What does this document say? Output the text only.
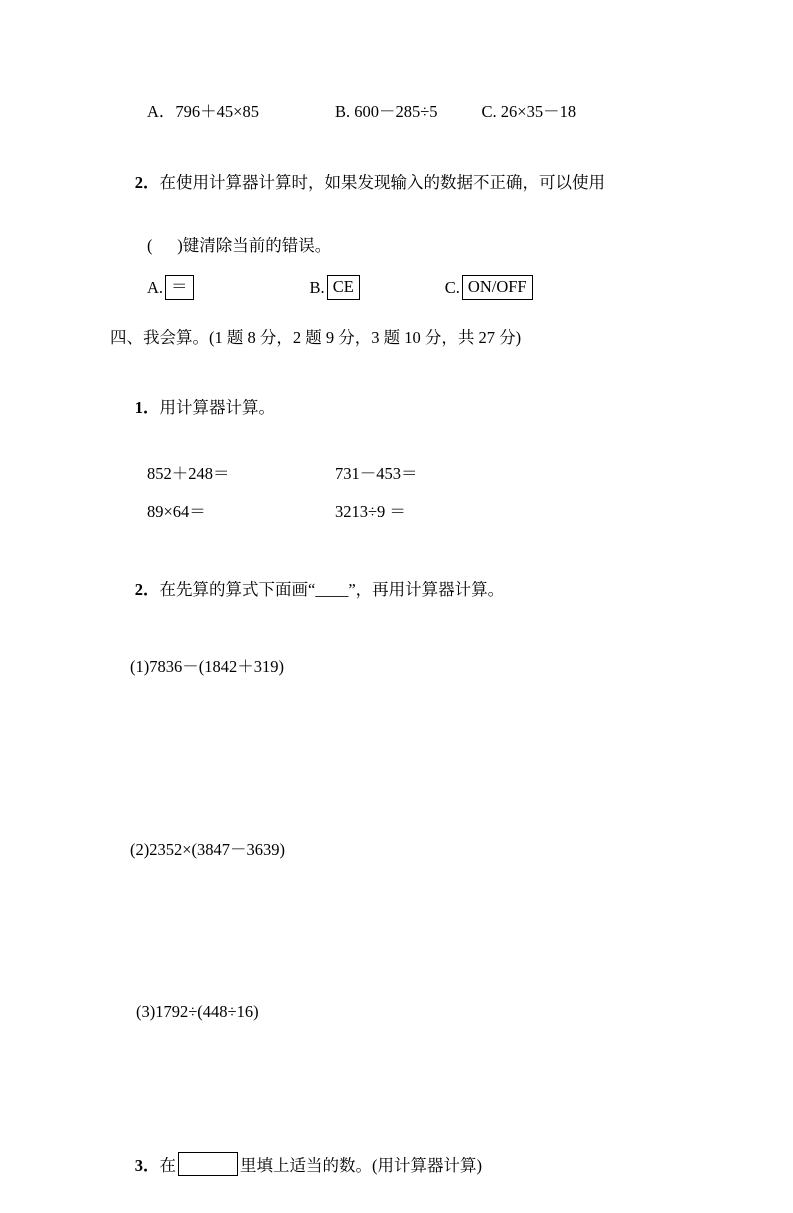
A．796＋45×85	B. 600－285÷5	C. 26×35－18

2．在使用计算器计算时，如果发现输入的数据不正确，可以使用

(      )键清除当前的错误。
A. ＝	B. CE	C. ON/OFF
四、我会算。(1 题 8 分，2 题 9 分，3 题 10 分，共 27 分)

1．用计算器计算。

852＋248＝	731－453＝
89×64＝	3213÷9 ＝

2．在先算的算式下面画“____”，再用计算器计算。

(1)7836－(1842＋319)
(2)2352×(3847－3639)
(3)1792÷(448÷16)

3．在	里填上适当的数。(用计算器计算)
